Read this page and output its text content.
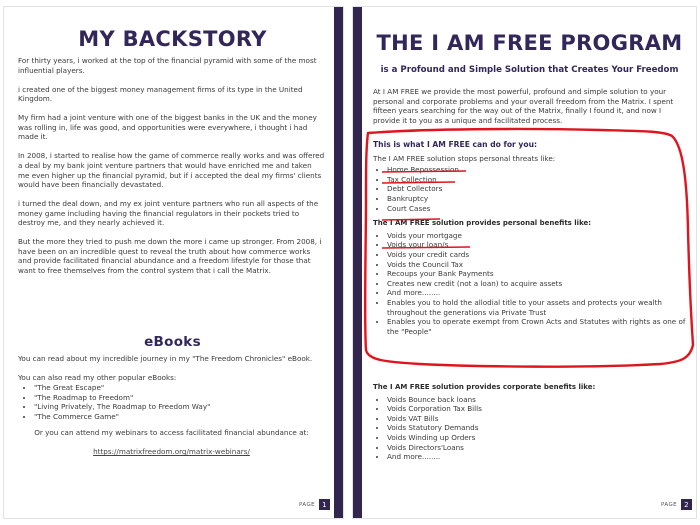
MY BACKSTORY

For thirty years, i worked at the top of the financial pyramid with some of the most influential players.

i created one of the biggest money management firms of its type in the United Kingdom.

My firm had a joint venture with one of the biggest banks in the UK and the money was rolling in, life was good, and opportunities were everywhere, i thought i had made it.

In 2008, i started to realise how the game of commerce really works and was offered a deal by my bank joint venture partners that would have enriched me and taken me even higher up the financial pyramid, but if i accepted the deal my firms' clients would have been financially devastated.

i turned the deal down, and my ex joint venture partners who run all aspects of the money game including having the financial regulators in their pockets tried to destroy me, and they nearly achieved it.

But the more they tried to push me down the more i came up stronger. From 2008, i have been on an incredible quest to reveal the truth about how commerce works and provide facilitated financial abundance and a freedom lifestyle for those that want to free themselves from the control system that i call the Matrix.

eBooks

You can read about my incredible journey in my "The Freedom Chronicles" eBook.

You can also read my other popular eBooks:

• "The Great Escape"
• "The Roadmap to Freedom"
• "Living Privately, The Roadmap to Freedom Way"
• "The Commerce Game"

Or you can attend my webinars to access facilitated financial abundance at:

https://matrixfreedom.org/matrix-webinars/

PAGE	1
THE I AM FREE PROGRAM
is a Profound and Simple Solution that Creates Your Freedom

At I AM FREE we provide the most powerful, profound and simple solution to your personal and corporate problems and your overall freedom from the Matrix. I spent fifteen years searching for the way out of the Matrix, finally I found it, and now I provide it to you as a unique and facilitated process.

This is what I AM FREE can do for you:

The I AM FREE solution stops personal threats like:

• Home Repossession
• Tax Collection
• Debt Collectors
• Bankruptcy
• Court Cases
The I AM FREE solution provides personal benefits like:
• Voids your mortgage
• Voids your loan/s
• Voids your credit cards
• Voids the Council Tax
• Recoups your Bank Payments
• Creates new credit (not a loan) to acquire assets
• And more........
• Enables you to hold the allodial title to your assets and protects your wealth throughout the generations via Private Trust
• Enables you to operate exempt from Crown Acts and Statutes with rights as one of the "People"
The I AM FREE solution provides corporate benefits like:
• Voids Bounce back loans
• Voids Corporation Tax Bills
• Voids VAT Bills
• Voids Statutory Demands
• Voids Winding up Orders
• Voids Directors'Loans
• And more........
PAGE	2
